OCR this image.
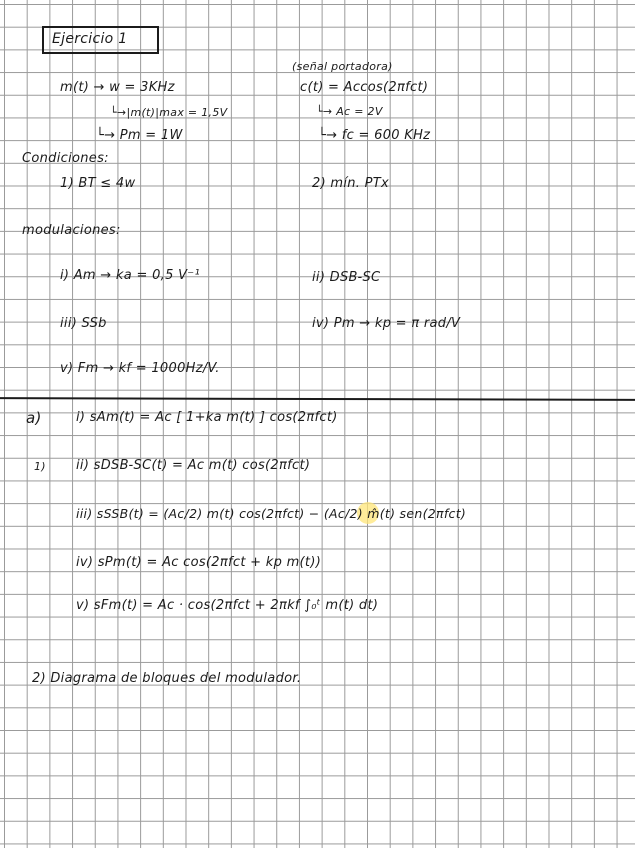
Ejercicio 1
m(t) → w = 3KHz
└→|m(t)|max = 1,5V
└→ Pm = 1W
(señal portadora)
c(t) = Accos(2πfct)
└→ Ac = 2V
└→ fc = 600 KHz
Condiciones:
1) BT ≤ 4w	2) mín. PTx
modulaciones:
i) Am → ka = 0,5 V⁻¹	ii) DSB-SC
iii) SSb	iv) Pm → kp = π rad/V
v) Fm → kf = 1000Hz/V.
a)
1)
i) sAm(t) = Ac [ 1+ka m(t) ] cos(2πfct)
ii) sDSB-SC(t) = Ac m(t) cos(2πfct)
iii) sSSB(t) = (Ac/2) m(t) cos(2πfct) − (Ac/2) m̂(t) sen(2πfct)
iv) sPm(t) = Ac cos(2πfct + kp m(t))
v) sFm(t) = Ac · cos(2πfct + 2πkf ∫₀ᵗ m(t) dt)
2) Diagrama de bloques del modulador.
